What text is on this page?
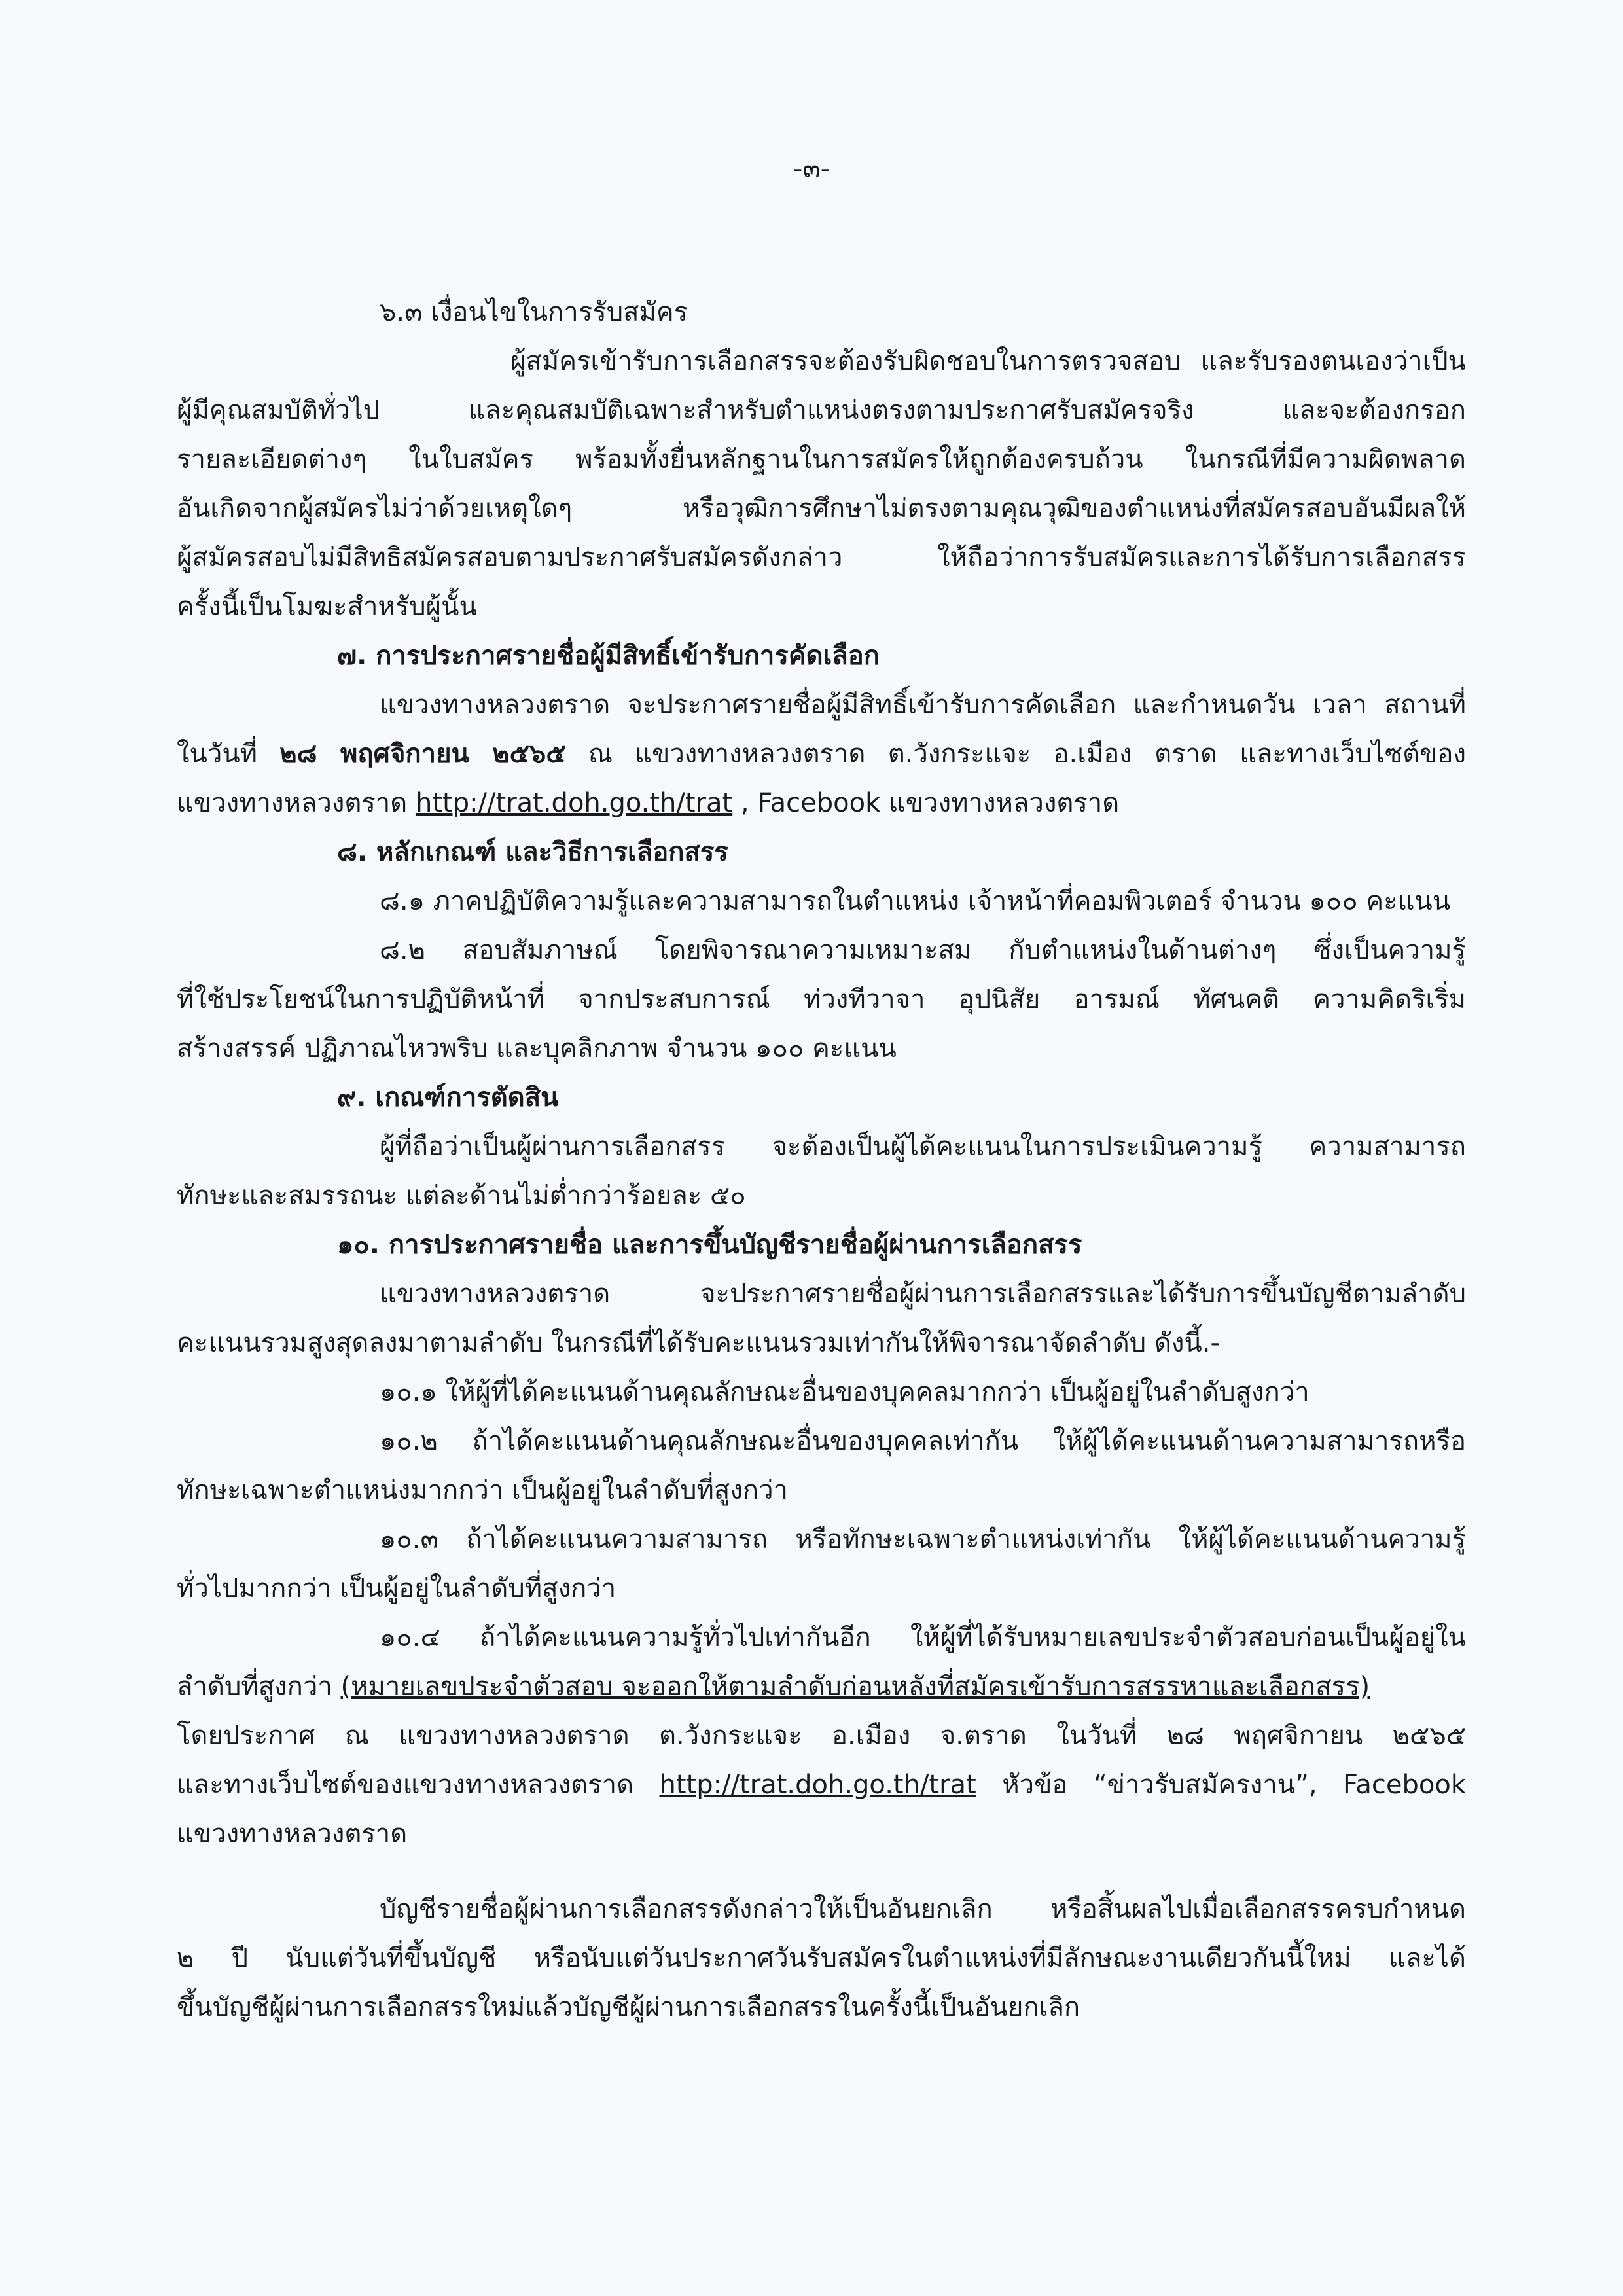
-๓-
๖.๓ เงื่อนไขในการรับสมัคร
ผู้สมัครเข้ารับการเลือกสรรจะต้องรับผิดชอบในการตรวจสอบ และรับรองตนเองว่าเป็น
ผู้มีคุณสมบัติทั่วไป และคุณสมบัติเฉพาะสำหรับตำแหน่งตรงตามประกาศรับสมัครจริง และจะต้องกรอก
รายละเอียดต่างๆ ในใบสมัคร พร้อมทั้งยื่นหลักฐานในการสมัครให้ถูกต้องครบถ้วน ในกรณีที่มีความผิดพลาด
อันเกิดจากผู้สมัครไม่ว่าด้วยเหตุใดๆ หรือวุฒิการศึกษาไม่ตรงตามคุณวุฒิของตำแหน่งที่สมัครสอบอันมีผลให้
ผู้สมัครสอบไม่มีสิทธิสมัครสอบตามประกาศรับสมัครดังกล่าว ให้ถือว่าการรับสมัครและการได้รับการเลือกสรร
ครั้งนี้เป็นโมฆะสำหรับผู้นั้น
๗. การประกาศรายชื่อผู้มีสิทธิ์เข้ารับการคัดเลือก
แขวงทางหลวงตราด จะประกาศรายชื่อผู้มีสิทธิ์เข้ารับการคัดเลือก และกำหนดวัน เวลา สถานที่
ในวันที่ ๒๘ พฤศจิกายน ๒๕๖๕ ณ แขวงทางหลวงตราด ต.วังกระแจะ อ.เมือง ตราด และทางเว็บไซต์ของ
แขวงทางหลวงตราด http://trat.doh.go.th/trat , Facebook แขวงทางหลวงตราด
๘. หลักเกณฑ์ และวิธีการเลือกสรร
๘.๑ ภาคปฏิบัติความรู้และความสามารถในตำแหน่ง เจ้าหน้าที่คอมพิวเตอร์ จำนวน ๑๐๐ คะแนน
๘.๒ สอบสัมภาษณ์ โดยพิจารณาความเหมาะสม กับตำแหน่งในด้านต่างๆ ซึ่งเป็นความรู้
ที่ใช้ประโยชน์ในการปฏิบัติหน้าที่ จากประสบการณ์ ท่วงทีวาจา อุปนิสัย อารมณ์ ทัศนคติ ความคิดริเริ่ม
สร้างสรรค์ ปฏิภาณไหวพริบ และบุคลิกภาพ จำนวน ๑๐๐ คะแนน
๙. เกณฑ์การตัดสิน
ผู้ที่ถือว่าเป็นผู้ผ่านการเลือกสรร จะต้องเป็นผู้ได้คะแนนในการประเมินความรู้ ความสามารถ
ทักษะและสมรรถนะ แต่ละด้านไม่ต่ำกว่าร้อยละ ๕๐
๑๐. การประกาศรายชื่อ และการขึ้นบัญชีรายชื่อผู้ผ่านการเลือกสรร
แขวงทางหลวงตราด จะประกาศรายชื่อผู้ผ่านการเลือกสรรและได้รับการขึ้นบัญชีตามลำดับ
คะแนนรวมสูงสุดลงมาตามลำดับ ในกรณีที่ได้รับคะแนนรวมเท่ากันให้พิจารณาจัดลำดับ ดังนี้.-
๑๐.๑ ให้ผู้ที่ได้คะแนนด้านคุณลักษณะอื่นของบุคคลมากกว่า เป็นผู้อยู่ในลำดับสูงกว่า
๑๐.๒ ถ้าได้คะแนนด้านคุณลักษณะอื่นของบุคคลเท่ากัน ให้ผู้ได้คะแนนด้านความสามารถหรือ
ทักษะเฉพาะตำแหน่งมากกว่า เป็นผู้อยู่ในลำดับที่สูงกว่า
๑๐.๓ ถ้าได้คะแนนความสามารถ หรือทักษะเฉพาะตำแหน่งเท่ากัน ให้ผู้ได้คะแนนด้านความรู้
ทั่วไปมากกว่า เป็นผู้อยู่ในลำดับที่สูงกว่า
๑๐.๔ ถ้าได้คะแนนความรู้ทั่วไปเท่ากันอีก ให้ผู้ที่ได้รับหมายเลขประจำตัวสอบก่อนเป็นผู้อยู่ใน
ลำดับที่สูงกว่า (หมายเลขประจำตัวสอบ จะออกให้ตามลำดับก่อนหลังที่สมัครเข้ารับการสรรหาและเลือกสรร)
โดยประกาศ ณ แขวงทางหลวงตราด ต.วังกระแจะ อ.เมือง จ.ตราด ในวันที่ ๒๘ พฤศจิกายน ๒๕๖๕
และทางเว็บไซต์ของแขวงทางหลวงตราด http://trat.doh.go.th/trat หัวข้อ “ข่าวรับสมัครงาน”, Facebook
แขวงทางหลวงตราด
บัญชีรายชื่อผู้ผ่านการเลือกสรรดังกล่าวให้เป็นอันยกเลิก หรือสิ้นผลไปเมื่อเลือกสรรครบกำหนด
๒ ปี นับแต่วันที่ขึ้นบัญชี หรือนับแต่วันประกาศวันรับสมัครในตำแหน่งที่มีลักษณะงานเดียวกันนี้ใหม่ และได้
ขึ้นบัญชีผู้ผ่านการเลือกสรรใหม่แล้วบัญชีผู้ผ่านการเลือกสรรในครั้งนี้เป็นอันยกเลิก
